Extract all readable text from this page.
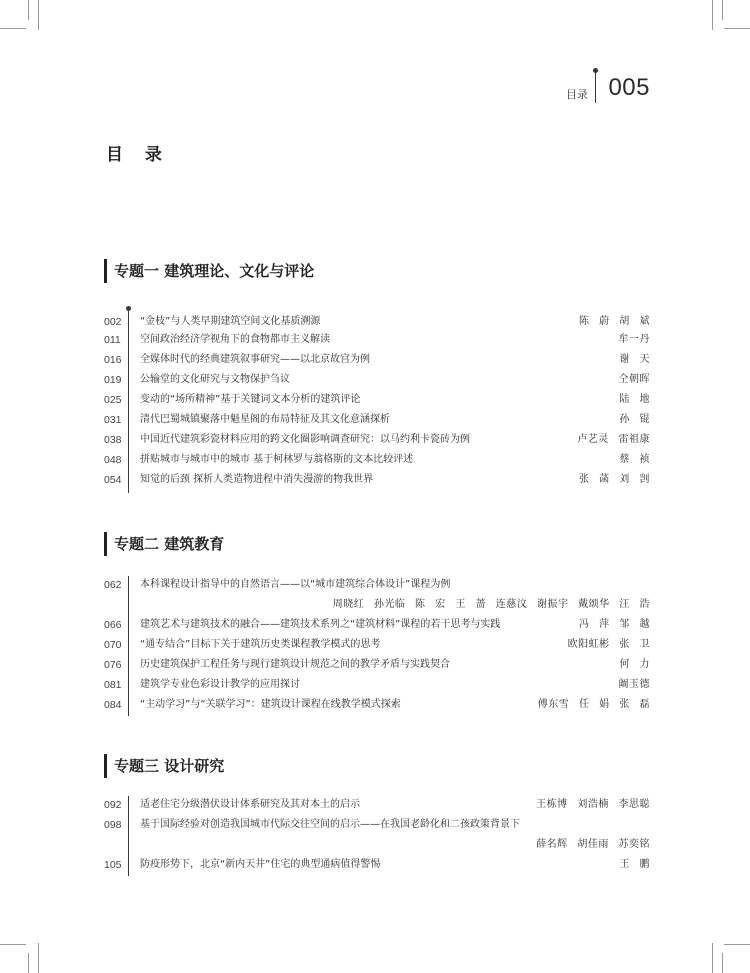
目录 005
目 录
专题一 建筑理论、文化与评论
002 “金枝”与人类早期建筑空间文化基质溯源	陈 蔚 胡 斌
011	空间政治经济学视角下的食物都市主义解读	牟一丹
016 全媒体时代的经典建筑叙事研究——以北京故宫为例	谢 天
019 公输堂的文化研究与文物保护刍议	仝朝晖
025 变动的“场所精神”基于关键词文本分析的建筑评论	陆 地
031 清代巴蜀城镇聚落中魁星阁的布局特征及其文化意涵探析	孙 锟
038 中国近代建筑彩瓷材料应用的跨文化圈影响调查研究：以马约利卡瓷砖为例	卢艺灵 雷祖康
048 拼贴城市与城市中的城市 基于柯林罗与翁格斯的文本比较评述	蔡 祯
054 知觉的后颈 探析人类造物进程中消失漫游的物我世界	张 菡 刘 剀
专题二 建筑教育
062 本科课程设计指导中的自然语言——以“城市建筑综合体设计”课程为例
周晓红 孙光临 陈 宏 王 蔷 连慈汶 谢振宇 戴颂华 汪 浩
066 建筑艺术与建筑技术的融合——建筑技术系列之“建筑材料”课程的若干思考与实践	冯 萍 邹 越
070 “通专结合”目标下关于建筑历史类课程教学模式的思考	欧阳虹彬 张 卫
076 历史建筑保护工程任务与现行建筑设计规范之间的教学矛盾与实践契合	何 力
081 建筑学专业色彩设计教学的应用探讨	阚玉德
084 “主动学习”与“关联学习”：建筑设计课程在线教学模式探索	傅东雪 任 娟 张 磊
专题三 设计研究
092 适老住宅分级潜伏设计体系研究及其对本土的启示	王栋博 刘浩楠 李思聪
098 基于国际经验对创造我国城市代际交往空间的启示——在我国老龄化和二孩政策背景下
薛名辉 胡佳雨 苏奕铭
105 防疫形势下，北京“新内天井”住宅的典型通病值得警惕	王 鹏
